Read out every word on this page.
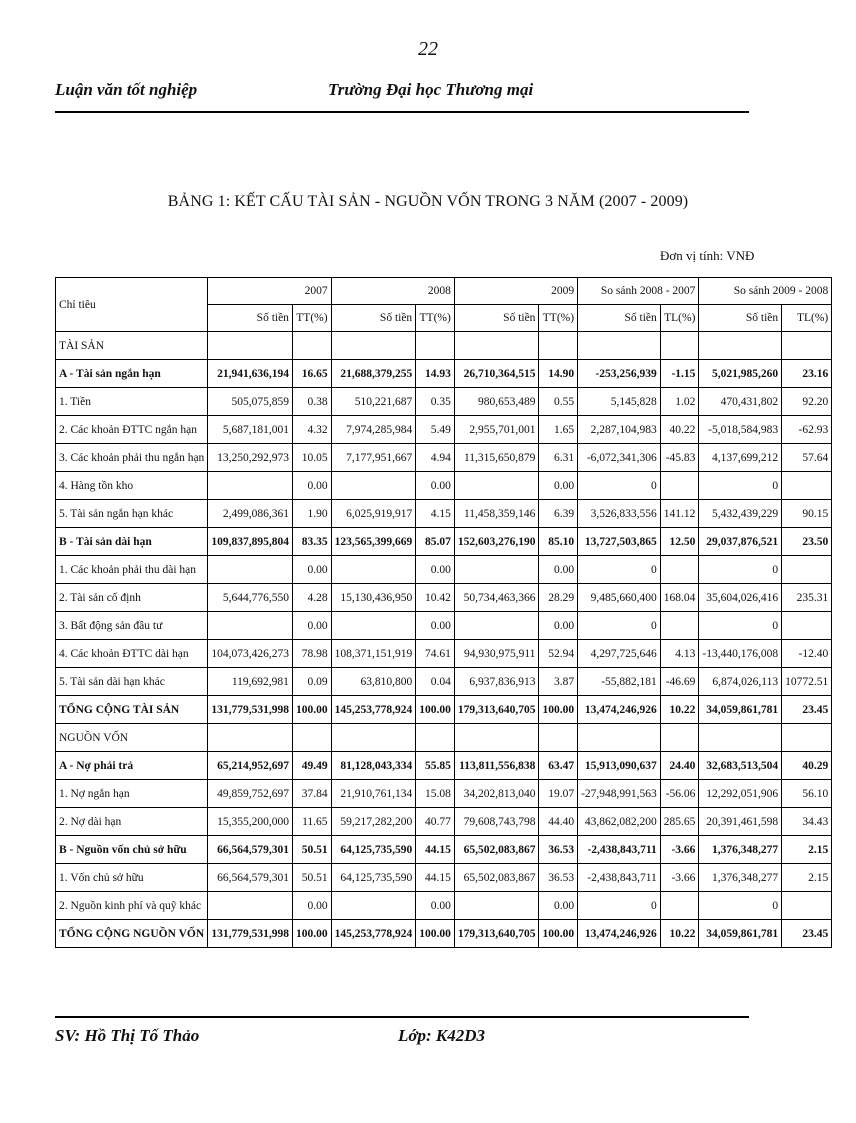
22
Luận văn tốt nghiệp	Trường Đại học Thương mại
BẢNG 1: KẾT CẤU TÀI SẢN - NGUỒN VỐN TRONG 3 NĂM (2007 - 2009)
Đơn vị tính: VNĐ
Chỉ tiêu	2007		2008		2009		So sánh 2008 - 2007		So sánh 2009 - 2008	
	Số tiền	TT(%)	Số tiền	TT(%)	Số tiền	TT(%)	Số tiền	TL(%)	Số tiền	TL(%)
TÀI SẢN										
A - Tài sản ngắn hạn	21,941,636,194	16.65	21,688,379,255	14.93	26,710,364,515	14.90	-253,256,939	-1.15	5,021,985,260	23.16
1. Tiền	505,075,859	0.38	510,221,687	0.35	980,653,489	0.55	5,145,828	1.02	470,431,802	92.20
2. Các khoản ĐTTC ngắn hạn	5,687,181,001	4.32	7,974,285,984	5.49	2,955,701,001	1.65	2,287,104,983	40.22	-5,018,584,983	-62.93
3. Các khoản phải thu ngắn hạn	13,250,292,973	10.05	7,177,951,667	4.94	11,315,650,879	6.31	-6,072,341,306	-45.83	4,137,699,212	57.64
4. Hàng tồn kho		0.00		0.00		0.00	0		0	
5. Tài sản ngắn hạn khác	2,499,086,361	1.90	6,025,919,917	4.15	11,458,359,146	6.39	3,526,833,556	141.12	5,432,439,229	90.15
B - Tài sản dài hạn	109,837,895,804	83.35	123,565,399,669	85.07	152,603,276,190	85.10	13,727,503,865	12.50	29,037,876,521	23.50
1. Các khoản phải thu dài hạn		0.00		0.00		0.00	0		0	
2. Tài sản cố định	5,644,776,550	4.28	15,130,436,950	10.42	50,734,463,366	28.29	9,485,660,400	168.04	35,604,026,416	235.31
3. Bất động sản đầu tư		0.00		0.00		0.00	0		0	
4. Các khoản ĐTTC dài hạn	104,073,426,273	78.98	108,371,151,919	74.61	94,930,975,911	52.94	4,297,725,646	4.13	-13,440,176,008	-12.40
5. Tài sản dài hạn khác	119,692,981	0.09	63,810,800	0.04	6,937,836,913	3.87	-55,882,181	-46.69	6,874,026,113	10772.51
TỔNG CỘNG TÀI SẢN	131,779,531,998	100.00	145,253,778,924	100.00	179,313,640,705	100.00	13,474,246,926	10.22	34,059,861,781	23.45
NGUỒN VỐN										
A - Nợ phải trả	65,214,952,697	49.49	81,128,043,334	55.85	113,811,556,838	63.47	15,913,090,637	24.40	32,683,513,504	40.29
1. Nợ ngắn hạn	49,859,752,697	37.84	21,910,761,134	15.08	34,202,813,040	19.07	-27,948,991,563	-56.06	12,292,051,906	56.10
2. Nợ dài hạn	15,355,200,000	11.65	59,217,282,200	40.77	79,608,743,798	44.40	43,862,082,200	285.65	20,391,461,598	34.43
B - Nguồn vốn chủ sở hữu	66,564,579,301	50.51	64,125,735,590	44.15	65,502,083,867	36.53	-2,438,843,711	-3.66	1,376,348,277	2.15
1. Vốn chủ sở hữu	66,564,579,301	50.51	64,125,735,590	44.15	65,502,083,867	36.53	-2,438,843,711	-3.66	1,376,348,277	2.15
2. Nguồn kinh phí và quỹ khác		0.00		0.00		0.00	0		0	
TỔNG CỘNG NGUỒN VỐN	131,779,531,998	100.00	145,253,778,924	100.00	179,313,640,705	100.00	13,474,246,926	10.22	34,059,861,781	23.45
SV: Hồ Thị Tố Thảo	Lớp: K42D3
